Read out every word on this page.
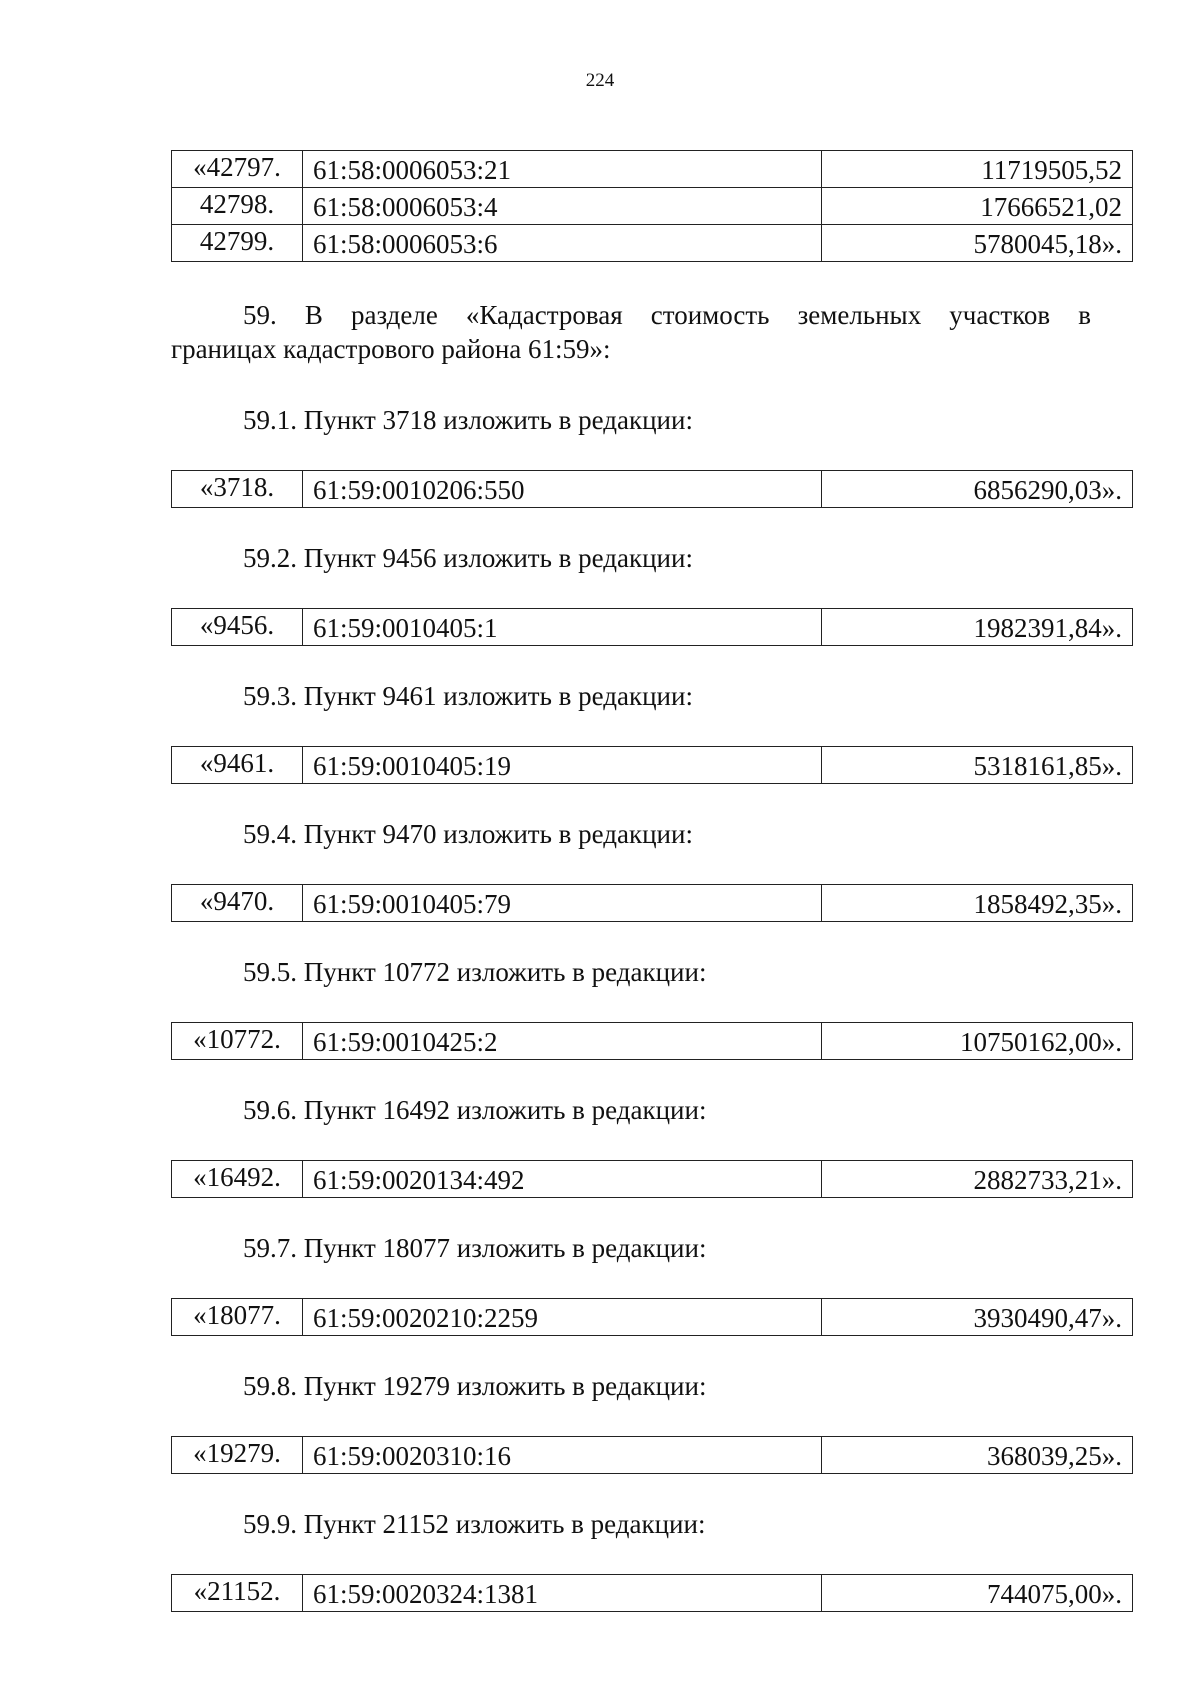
224
«42797.	61:58:0006053:21	11719505,52
42798.	61:58:0006053:4	17666521,02
42799.	61:58:0006053:6	5780045,18».
59. В разделе «Кадастровая стоимость земельных участков в
границах кадастрового района 61:59»:

59.1. Пункт 3718 изложить в редакции:

«3718.	61:59:0010206:550	6856290,03».

59.2. Пункт 9456 изложить в редакции:

«9456.	61:59:0010405:1	1982391,84».

59.3. Пункт 9461 изложить в редакции:

«9461.	61:59:0010405:19	5318161,85».

59.4. Пункт 9470 изложить в редакции:

«9470.	61:59:0010405:79	1858492,35».

59.5. Пункт 10772 изложить в редакции:

«10772.	61:59:0010425:2	10750162,00».

59.6. Пункт 16492 изложить в редакции:

«16492.	61:59:0020134:492	2882733,21».

59.7. Пункт 18077 изложить в редакции:

«18077.	61:59:0020210:2259	3930490,47».

59.8. Пункт 19279 изложить в редакции:

«19279.	61:59:0020310:16	368039,25».

59.9. Пункт 21152 изложить в редакции:

«21152.	61:59:0020324:1381	744075,00».
